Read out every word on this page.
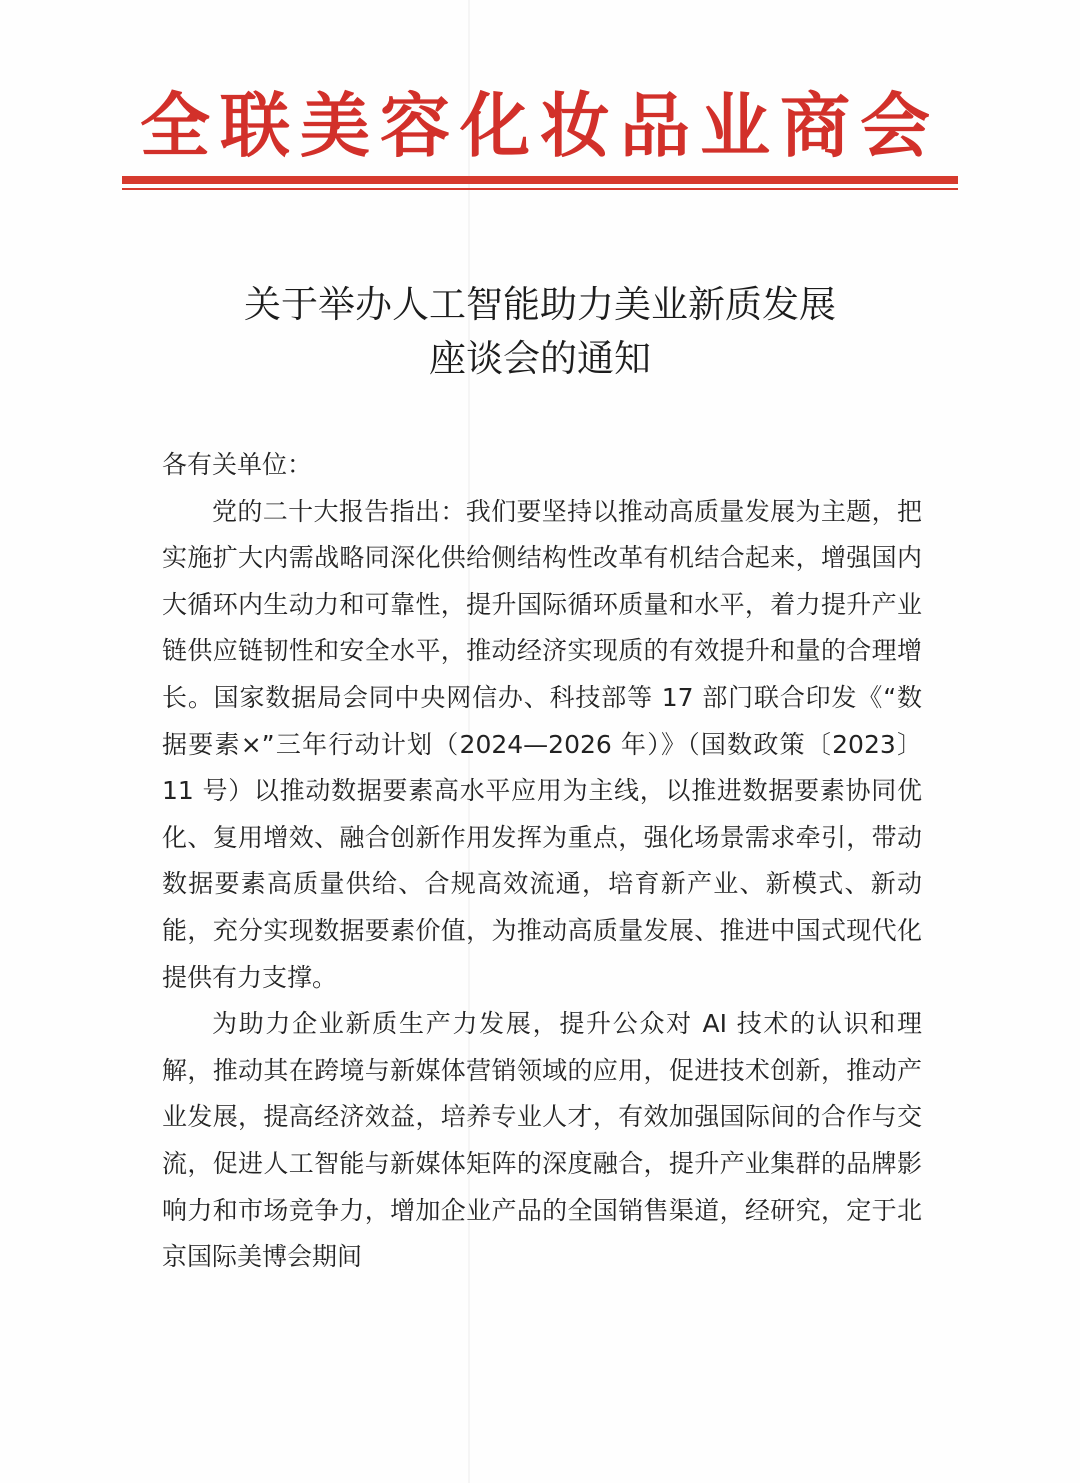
全联美容化妆品业商会
关于举办人工智能助力美业新质发展
座谈会的通知

各有关单位：

党的二十大报告指出：我们要坚持以推动高质量发展为主题，把实施扩大内需战略同深化供给侧结构性改革有机结合起来，增强国内大循环内生动力和可靠性，提升国际循环质量和水平，着力提升产业链供应链韧性和安全水平，推动经济实现质的有效提升和量的合理增长。国家数据局会同中央网信办、科技部等 17 部门联合印发《“数据要素×”三年行动计划（2024—2026 年）》（国数政策〔2023〕11 号）以推动数据要素高水平应用为主线，以推进数据要素协同优化、复用增效、融合创新作用发挥为重点，强化场景需求牵引，带动数据要素高质量供给、合规高效流通，培育新产业、新模式、新动能，充分实现数据要素价值，为推动高质量发展、推进中国式现代化提供有力支撑。

为助力企业新质生产力发展，提升公众对 AI 技术的认识和理解，推动其在跨境与新媒体营销领域的应用，促进技术创新，推动产业发展，提高经济效益，培养专业人才，有效加强国际间的合作与交流，促进人工智能与新媒体矩阵的深度融合，提升产业集群的品牌影响力和市场竞争力，增加企业产品的全国销售渠道，经研究，定于北京国际美博会期间
